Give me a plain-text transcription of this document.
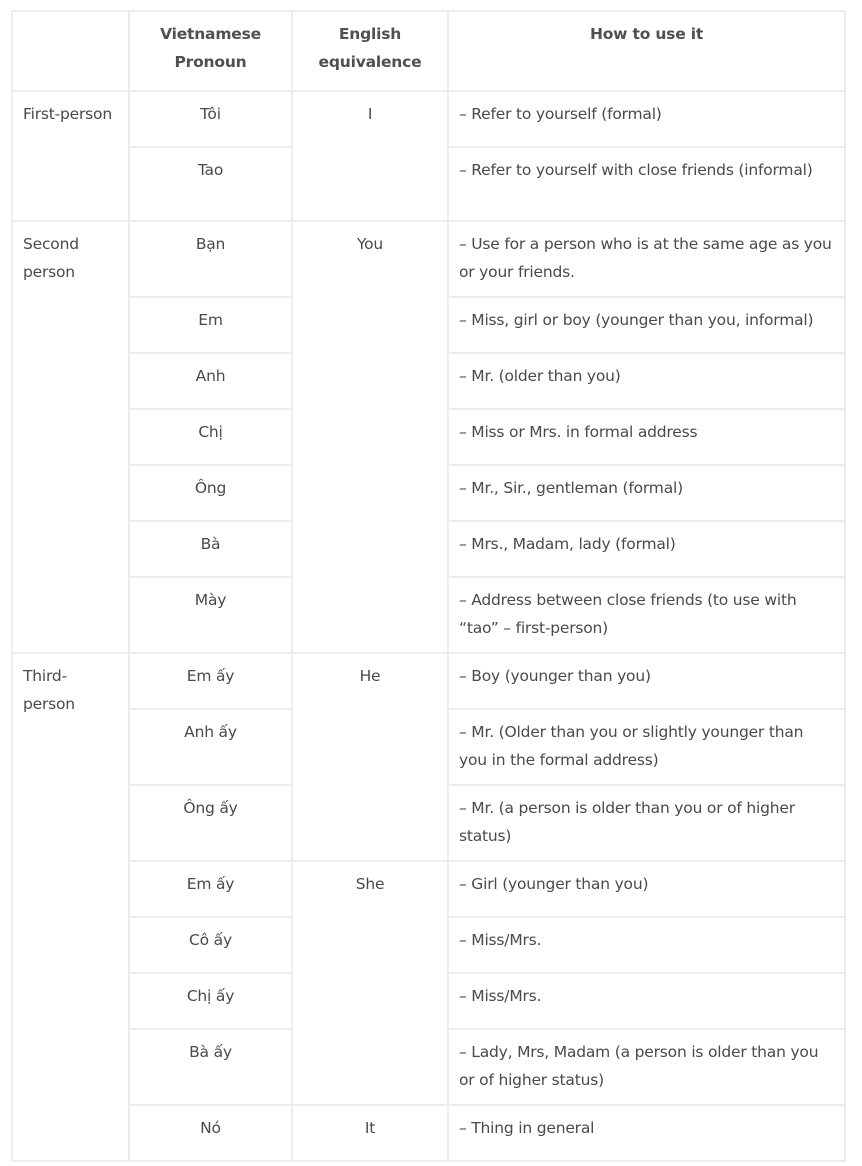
	Vietnamese Pronoun	English equivalence	How to use it
First-person	Tôi	I	– Refer to yourself (formal)
	Tao		– Refer to yourself with close friends (informal)
Second person	Bạn	You	– Use for a person who is at the same age as you or your friends.
	Em		– Miss, girl or boy (younger than you, informal)
	Anh		– Mr. (older than you)
	Chị		– Miss or Mrs. in formal address
	Ông		– Mr., Sir., gentleman (formal)
	Bà		– Mrs., Madam, lady (formal)
	Mày		– Address between close friends (to use with “tao” – first-person)
Third-person	Em ấy	He	– Boy (younger than you)
	Anh ấy		– Mr. (Older than you or slightly younger than you in the formal address)
	Ông ấy		– Mr. (a person is older than you or of higher status)
	Em ấy	She	– Girl (younger than you)
	Cô ấy		– Miss/Mrs.
	Chị ấy		– Miss/Mrs.
	Bà ấy		– Lady, Mrs, Madam (a person is older than you or of higher status)
	Nó	It	– Thing in general
